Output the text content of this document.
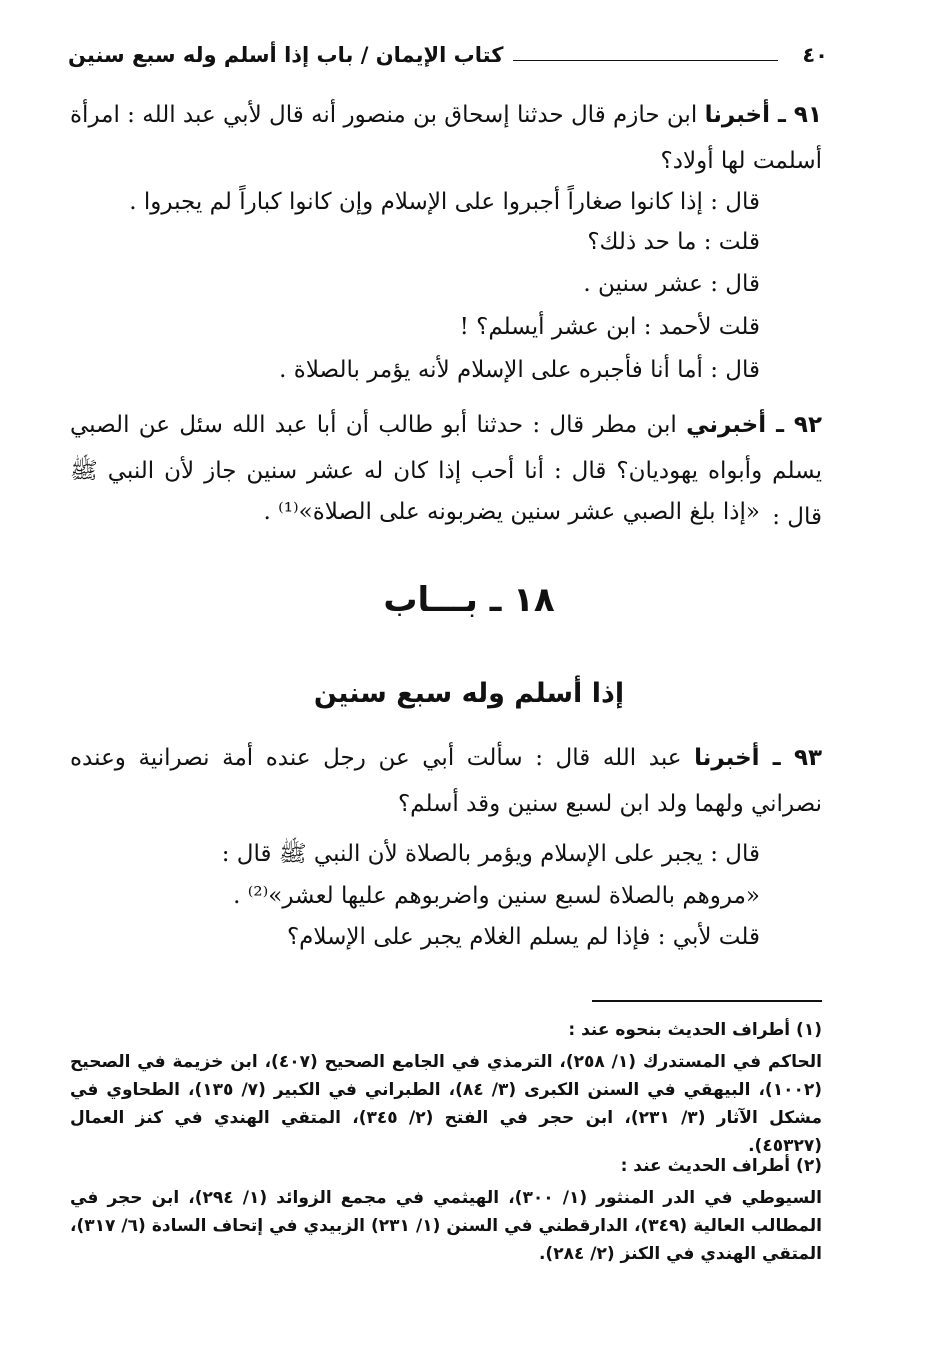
٤٠
كتاب الإيمان / باب إذا أسلم وله سبع سنين
٩١ ـ أخبرنا ابن حازم قال حدثنا إسحاق بن منصور أنه قال لأبي عبد الله : امرأة أسلمت لها أولاد؟
قال : إذا كانوا صغاراً أجبروا على الإسلام وإن كانوا كباراً لم يجبروا .
قلت : ما حد ذلك؟
قال : عشر سنين .
قلت لأحمد : ابن عشر أيسلم؟ !
قال : أما أنا فأجبره على الإسلام لأنه يؤمر بالصلاة .
٩٢ ـ أخبرني ابن مطر قال : حدثنا أبو طالب أن أبا عبد الله سئل عن الصبي يسلم وأبواه يهوديان؟ قال : أنا أحب إذا كان له عشر سنين جاز لأن النبي ﷺ قال :
«إذا بلغ الصبي عشر سنين يضربونه على الصلاة»⁽¹⁾ .
١٨ ـ بـــاب
إذا أسلم وله سبع سنين
٩٣ ـ أخبرنا عبد الله قال : سألت أبي عن رجل عنده أمة نصرانية وعنده نصراني ولهما ولد ابن لسبع سنين وقد أسلم؟
قال : يجبر على الإسلام ويؤمر بالصلاة لأن النبي ﷺ قال :
«مروهم بالصلاة لسبع سنين واضربوهم عليها لعشر»⁽²⁾ .
قلت لأبي : فإذا لم يسلم الغلام يجبر على الإسلام؟
(١) أطراف الحديث بنحوه عند :
الحاكم في المستدرك (١/ ٢٥٨)، الترمذي في الجامع الصحيح (٤٠٧)، ابن خزيمة في الصحيح (١٠٠٢)، البيهقي في السنن الكبرى (٣/ ٨٤)، الطبراني في الكبير (٧/ ١٣٥)، الطحاوي في مشكل الآثار (٣/ ٢٣١)، ابن حجر في الفتح (٢/ ٣٤٥)، المتقي الهندي في كنز العمال (٤٥٣٢٧).
(٢) أطراف الحديث عند :
السيوطي في الدر المنثور (١/ ٣٠٠)، الهيثمي في مجمع الزوائد (١/ ٢٩٤)، ابن حجر في المطالب العالية (٣٤٩)، الدارقطني في السنن (١/ ٢٣١) الزبيدي في إتحاف السادة (٦/ ٣١٧)، المتقي الهندي في الكنز (٢/ ٢٨٤).
